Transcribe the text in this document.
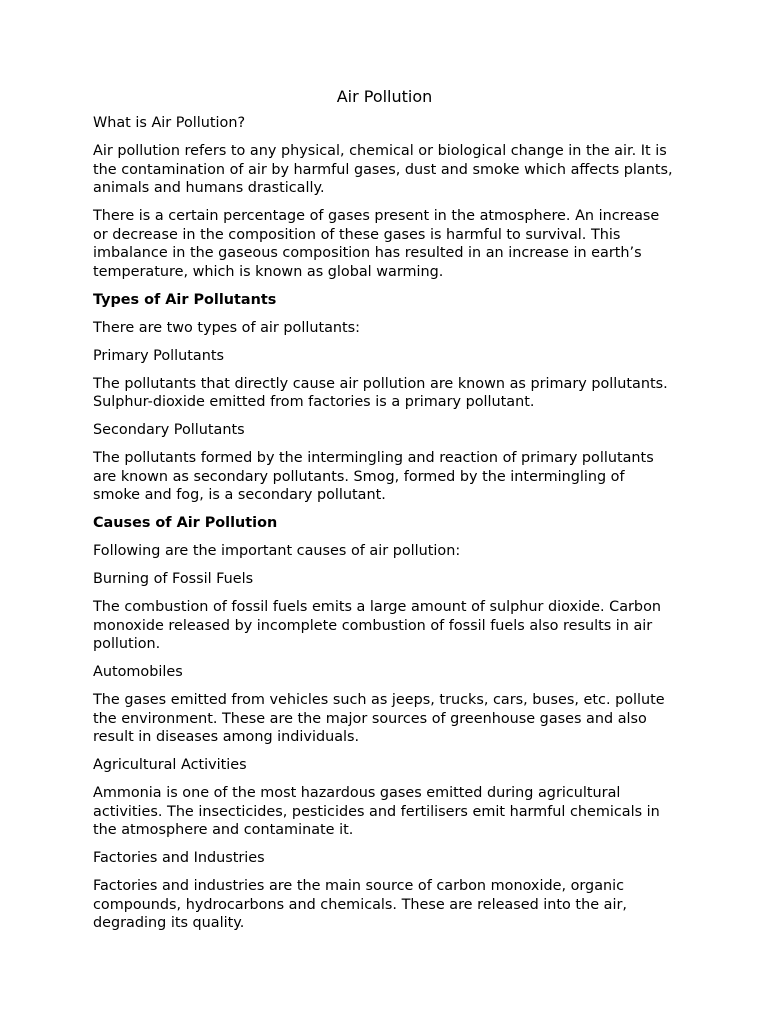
Air Pollution

What is Air Pollution?

Air pollution refers to any physical, chemical or biological change in the air. It is the contamination of air by harmful gases, dust and smoke which affects plants, animals and humans drastically.

There is a certain percentage of gases present in the atmosphere. An increase or decrease in the composition of these gases is harmful to survival. This imbalance in the gaseous composition has resulted in an increase in earth’s temperature, which is known as global warming.

Types of Air Pollutants

There are two types of air pollutants:

Primary Pollutants

The pollutants that directly cause air pollution are known as primary pollutants. Sulphur-dioxide emitted from factories is a primary pollutant.

Secondary Pollutants

The pollutants formed by the intermingling and reaction of primary pollutants are known as secondary pollutants. Smog, formed by the intermingling of smoke and fog, is a secondary pollutant.

Causes of Air Pollution

Following are the important causes of air pollution:

Burning of Fossil Fuels

The combustion of fossil fuels emits a large amount of sulphur dioxide. Carbon monoxide released by incomplete combustion of fossil fuels also results in air pollution.

Automobiles

The gases emitted from vehicles such as jeeps, trucks, cars, buses, etc. pollute the environment. These are the major sources of greenhouse gases and also result in diseases among individuals.

Agricultural Activities

Ammonia is one of the most hazardous gases emitted during agricultural activities. The insecticides, pesticides and fertilisers emit harmful chemicals in the atmosphere and contaminate it.

Factories and Industries

Factories and industries are the main source of carbon monoxide, organic compounds, hydrocarbons and chemicals. These are released into the air, degrading its quality.
